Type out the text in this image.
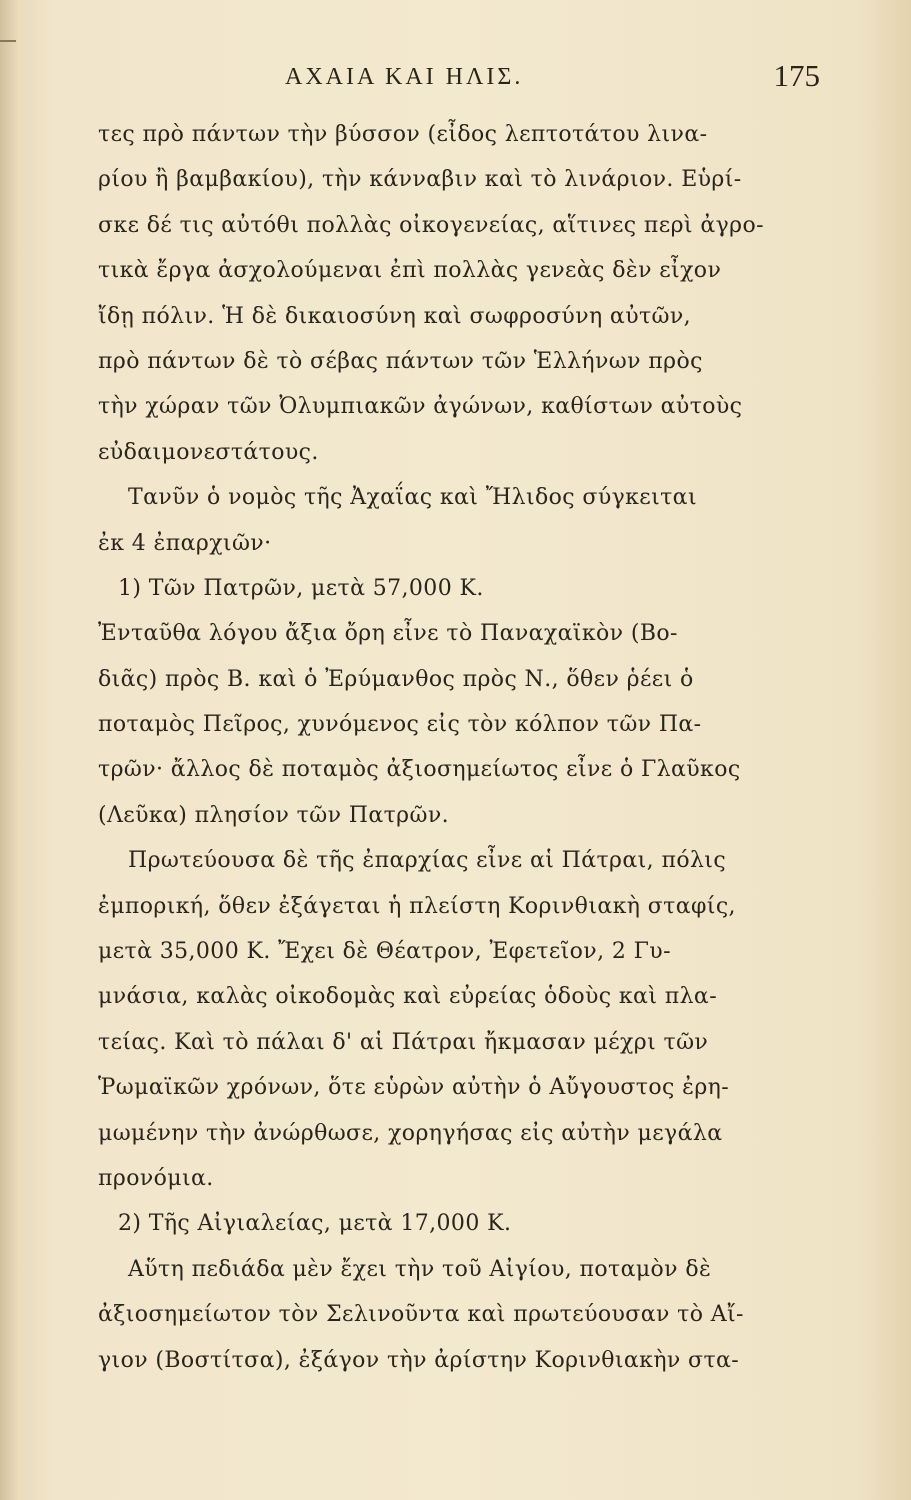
ΑΧΑΙΑ ΚΑΙ ΗΛΙΣ.	175
τες πρὸ πάντων τὴν βύσσον (εἶδος λεπτοτάτου λινα-
ρίου ἢ βαμβακίου), τὴν κάνναβιν καὶ τὸ λινάριον. Εὑρί-
σκε δέ τις αὐτόθι πολλὰς οἰκογενείας, αἵτινες περὶ ἀγρο-
τικὰ ἔργα ἀσχολούμεναι ἐπὶ πολλὰς γενεὰς δὲν εἶχον
ἴδῃ πόλιν. Ἡ δὲ δικαιοσύνη καὶ σωφροσύνη αὐτῶν,
πρὸ πάντων δὲ τὸ σέβας πάντων τῶν Ἑλλήνων πρὸς
τὴν χώραν τῶν Ὀλυμπιακῶν ἀγώνων, καθίστων αὐτοὺς
εὐδαιμονεστάτους.
Τανῦν ὁ νομὸς τῆς Ἀχαΐας καὶ Ἤλιδος σύγκειται
ἐκ 4 ἐπαρχιῶν·
1) Τῶν Πατρῶν, μετὰ 57,000 Κ.
Ἐνταῦθα λόγου ἄξια ὄρη εἶνε τὸ Παναχαϊκὸν (Βο-
διᾶς) πρὸς Β. καὶ ὁ Ἐρύμανθος πρὸς Ν., ὅθεν ῥέει ὁ
ποταμὸς Πεῖρος, χυνόμενος εἰς τὸν κόλπον τῶν Πα-
τρῶν· ἄλλος δὲ ποταμὸς ἀξιοσημείωτος εἶνε ὁ Γλαῦκος
(Λεῦκα) πλησίον τῶν Πατρῶν.
Πρωτεύουσα δὲ τῆς ἐπαρχίας εἶνε αἱ Πάτραι, πόλις
ἐμπορική, ὅθεν ἐξάγεται ἡ πλείστη Κορινθιακὴ σταφίς,
μετὰ 35,000 Κ. Ἔχει δὲ Θέατρον, Ἐφετεῖον, 2 Γυ-
μνάσια, καλὰς οἰκοδομὰς καὶ εὐρείας ὁδοὺς καὶ πλα-
τείας. Καὶ τὸ πάλαι δ' αἱ Πάτραι ἤκμασαν μέχρι τῶν
Ῥωμαϊκῶν χρόνων, ὅτε εὑρὼν αὐτὴν ὁ Αὔγουστος ἐρη-
μωμένην τὴν ἀνώρθωσε, χορηγήσας εἰς αὐτὴν μεγάλα
προνόμια.
2) Τῆς Αἰγιαλείας, μετὰ 17,000 Κ.
Αὕτη πεδιάδα μὲν ἔχει τὴν τοῦ Αἰγίου, ποταμὸν δὲ
ἀξιοσημείωτον τὸν Σελινοῦντα καὶ πρωτεύουσαν τὸ Αἴ-
γιον (Βοστίτσα), ἐξάγον τὴν ἀρίστην Κορινθιακὴν στα-
